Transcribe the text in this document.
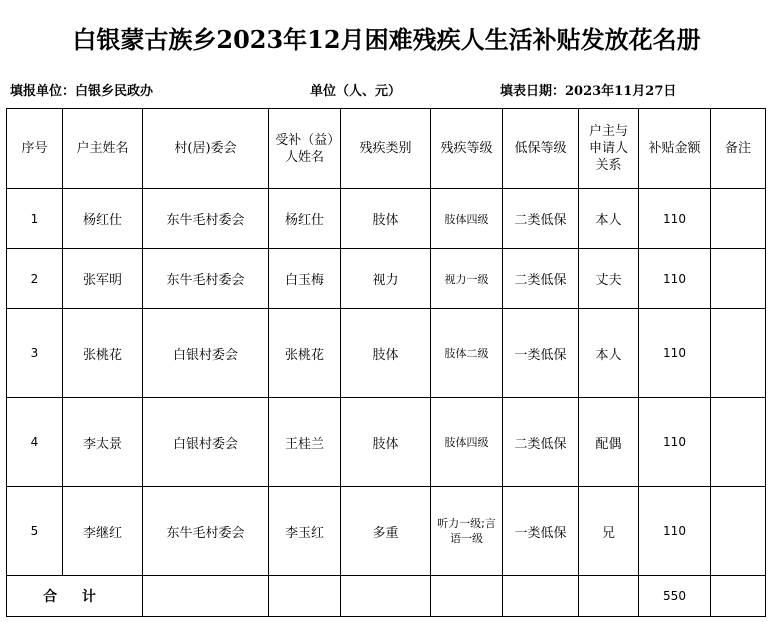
白银蒙古族乡2023年12月困难残疾人生活补贴发放花名册
填报单位：白银乡民政办	单位（人、元）	填表日期：2023年11月27日
序号	户主姓名	村(居)委会	受补（益）人姓名	残疾类别	残疾等级	低保等级	户主与申请人关系	补贴金额	备注
1	杨红仕	东牛毛村委会	杨红仕	肢体	肢体四级	二类低保	本人	110	
2	张军明	东牛毛村委会	白玉梅	视力	视力一级	二类低保	丈夫	110	
3	张桃花	白银村委会	张桃花	肢体	肢体二级	一类低保	本人	110	
4	李太景	白银村委会	王桂兰	肢体	肢体四级	二类低保	配偶	110	
5	李继红	东牛毛村委会	李玉红	多重	听力一级;言语一级	一类低保	兄	110	
合 计								550	
